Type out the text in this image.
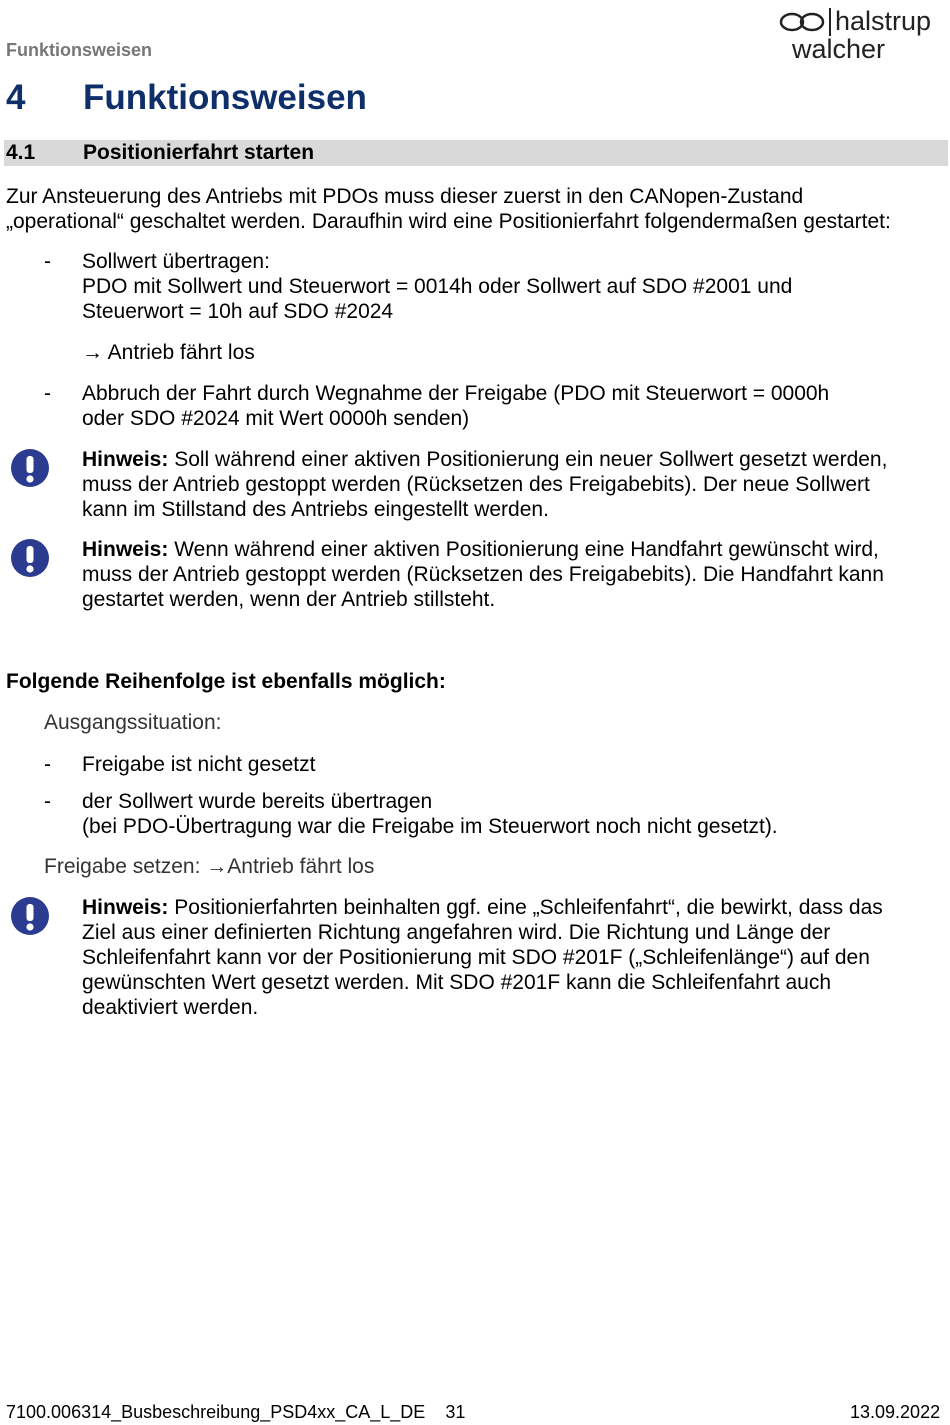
Funktionsweisen
halstrup
walcher
4 Funktionsweisen
4.1 Positionierfahrt starten
Zur Ansteuerung des Antriebs mit PDOs muss dieser zuerst in den CANopen-Zustand
„operational“ geschaltet werden. Daraufhin wird eine Positionierfahrt folgendermaßen gestartet:
- Sollwert übertragen:
PDO mit Sollwert und Steuerwort = 0014h oder Sollwert auf SDO #2001 und
Steuerwort = 10h auf SDO #2024
→ Antrieb fährt los
- Abbruch der Fahrt durch Wegnahme der Freigabe (PDO mit Steuerwort = 0000h
oder SDO #2024 mit Wert 0000h senden)
Hinweis: Soll während einer aktiven Positionierung ein neuer Sollwert gesetzt werden,
muss der Antrieb gestoppt werden (Rücksetzen des Freigabebits). Der neue Sollwert
kann im Stillstand des Antriebs eingestellt werden.
Hinweis: Wenn während einer aktiven Positionierung eine Handfahrt gewünscht wird,
muss der Antrieb gestoppt werden (Rücksetzen des Freigabebits). Die Handfahrt kann
gestartet werden, wenn der Antrieb stillsteht.
Folgende Reihenfolge ist ebenfalls möglich:
Ausgangssituation:
- Freigabe ist nicht gesetzt
- der Sollwert wurde bereits übertragen
(bei PDO-Übertragung war die Freigabe im Steuerwort noch nicht gesetzt).
Freigabe setzen: →Antrieb fährt los
Hinweis: Positionierfahrten beinhalten ggf. eine „Schleifenfahrt“, die bewirkt, dass das
Ziel aus einer definierten Richtung angefahren wird. Die Richtung und Länge der
Schleifenfahrt kann vor der Positionierung mit SDO #201F („Schleifenlänge“) auf den
gewünschten Wert gesetzt werden. Mit SDO #201F kann die Schleifenfahrt auch
deaktiviert werden.
7100.006314_Busbeschreibung_PSD4xx_CA_L_DE 31	13.09.2022
